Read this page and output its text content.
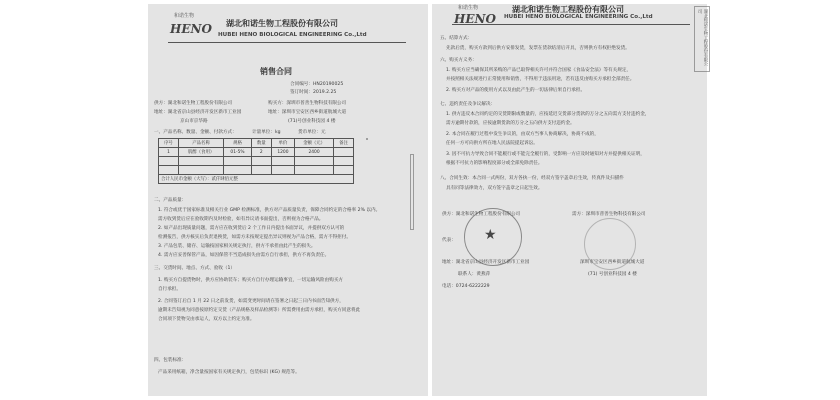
HENO
和诺生物
湖北和诺生物工程股份有限公司
HUBEI HENO BIOLOGICAL ENGINEERING Co.,Ltd
销售合同
合同编号：HN20190025
签订时间：2019.2.25
供方：湖北和诺生物工程股份有限公司	购买方：深圳市普善生物科技有限公司
地址：湖北省京山县经济开发区新市工业园	地址：深圳市宝安区西乡街道航城大道
京山市京华路	(71)号创业科技园 4 楼
一、产品名称、数量、金额、付款方式：	计量单位：kg	货币单位：元
序号	产品名称	规格	数量	单价	金额（元）	备注
1	肌醇（食用）	01-5%	2	1200	2400	

合计人民币金额（大写）：贰仟肆佰元整						
二、产品质量：
1. 符合或优于国家标准及相关行业 GMP 检测标准，供方对产品质量负责，保障合同约定的合格率 2% 以内。
需方收到货后应在验收期内及时检验，如有异议请书面提出，否则视为合格产品。
2. 如产品出现质量问题，需方应在收到货后 2 个工作日内提出书面异议，并提供双方认可的
检测报告，供方核实后负责退换货，如需方未按规定提出异议则视为产品合格，需方不得拒付。
3. 产品包装、储存、运输按国家相关规定执行，供方不承担由此产生的损失。
4. 需方应妥善保管产品，如因保管不当造成损失由需方自行承担，供方不再负责任。
三、交货时间、地点、方式、验收（1）
1. 购买方自提货物时，供方应协助装车；购买方自行办理运输事宜，一切运输风险由购买方
自行承担。
2. 合同签订后自 1 月 22 日之前发货，如需变更时间请在签署之日起三日内书面告知供方，
逾期未告知视为同意按原约定交货（产品规格及样品检测等）所需费用由需方承担，购买方同意将此
合同项下货物交由承运人，双方以上约定为准。
四、包装标准：
产品采用纸箱，净含量按国家有关规定执行，包装标识 (KG) 规范等。
HENO
和诺生物	湖北和诺生物工程股份有限公司
HUBEI HENO BIOLOGICAL ENGINEERING Co.,Ltd
五、结算方式：
先款后货，购买方款到后供方安排发货，发票在货款结清后开具，否则供方有权拒绝发货。
六、购买方义务：
1. 购买方应当确保其所采购的产品已取得相关许可并符合国家《食品安全法》等有关规定，
并按照相关法规进行正常使用和销售，不得用于违法用途，若有违反由购买方承担全部责任。
2. 购买方对产品的使用方式以及由此产生的一切法律后果自行承担。
七、违约责任及争议解决：
1. 供方违反本合同约定的交货期限或数量的，应按延迟交货部分货款的万分之五向需方支付违约金，
需方逾期付款的，应按逾期货款的万分之五向供方支付违约金。
2. 本合同在履行过程中发生争议的，由双方当事人协商解决，协商不成的，
任何一方可向供方所在地人民法院提起诉讼。
3. 因不可抗力导致合同不能履行或不能完全履行的，受影响一方应及时通知对方并提供相关证明，
根据不可抗力的影响程度部分或全部免除责任。
八、合同生效：本合同一式两份，双方各执一份，经双方签字盖章后生效，传真件及扫描件
具有同等法律效力，双方签字盖章之日起生效。
供方：湖北和诺生物工程股份有限公司	需方：深圳市普善生物科技有限公司
代表：
地址：湖北省京山县经济开发区新市工业园	深圳市宝安区西乡街道航城大道
联系人：黄燕萍	(71) 号创业科技园 4 楼
电话：0724-6222229
★
湖北和诺生物工程股份有限公司
